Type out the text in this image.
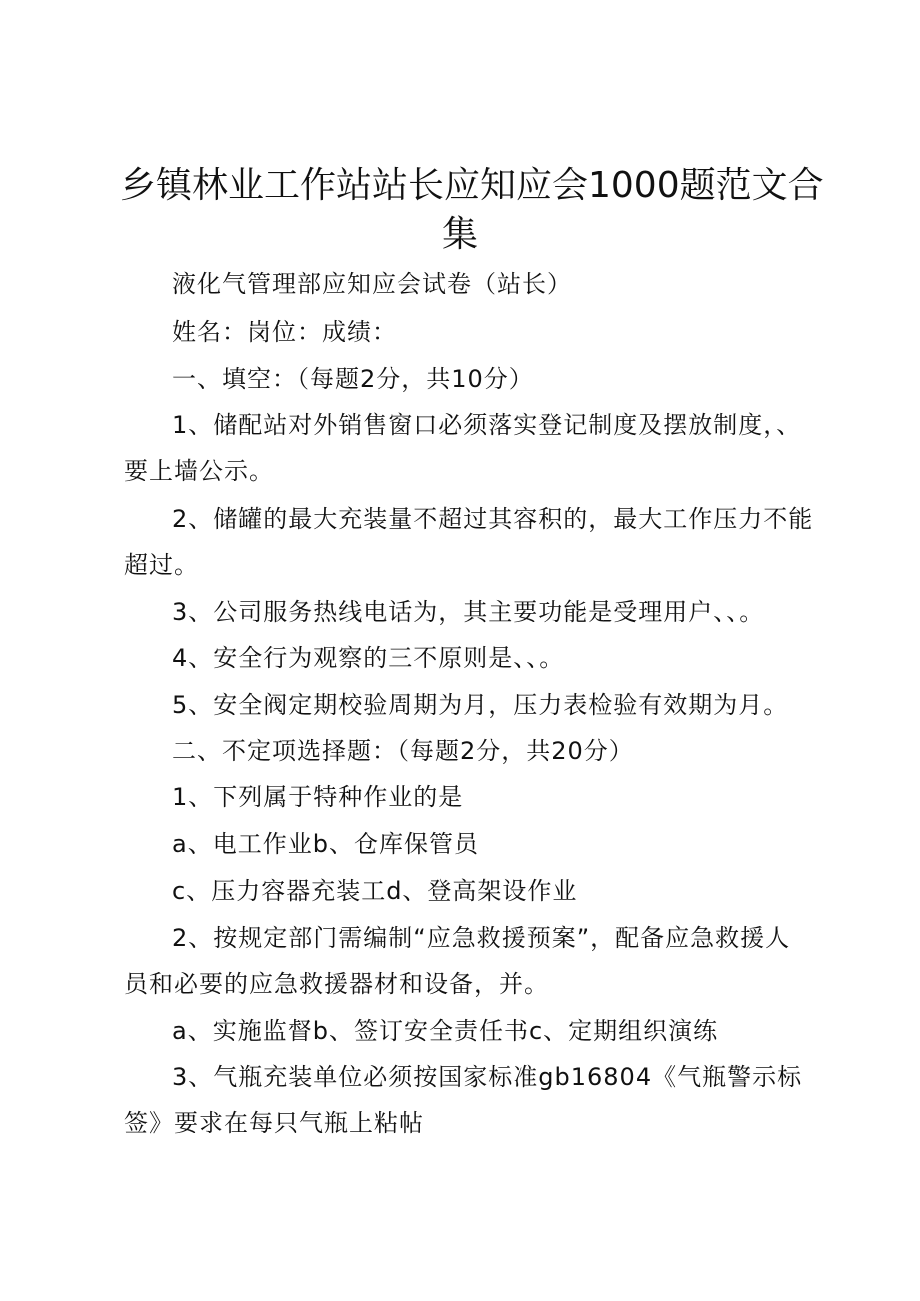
乡镇林业工作站站长应知应会1000题范文合
集

液化气管理部应知应会试卷（站长）

姓名：岗位：成绩：

一、填空：（每题2分，共10分）

1、储配站对外销售窗口必须落实登记制度及摆放制度，、

要上墙公示。

2、储罐的最大充装量不超过其容积的，最大工作压力不能

超过。

3、公司服务热线电话为，其主要功能是受理用户、、。

4、安全行为观察的三不原则是、、。

5、安全阀定期校验周期为月，压力表检验有效期为月。

二、不定项选择题：（每题2分，共20分）

1、下列属于特种作业的是

a、电工作业b、仓库保管员

c、压力容器充装工d、登高架设作业

2、按规定部门需编制“应急救援预案”，配备应急救援人

员和必要的应急救援器材和设备，并。

a、实施监督b、签订安全责任书c、定期组织演练

3、气瓶充装单位必须按国家标准gb16804《气瓶警示标

签》要求在每只气瓶上粘帖
